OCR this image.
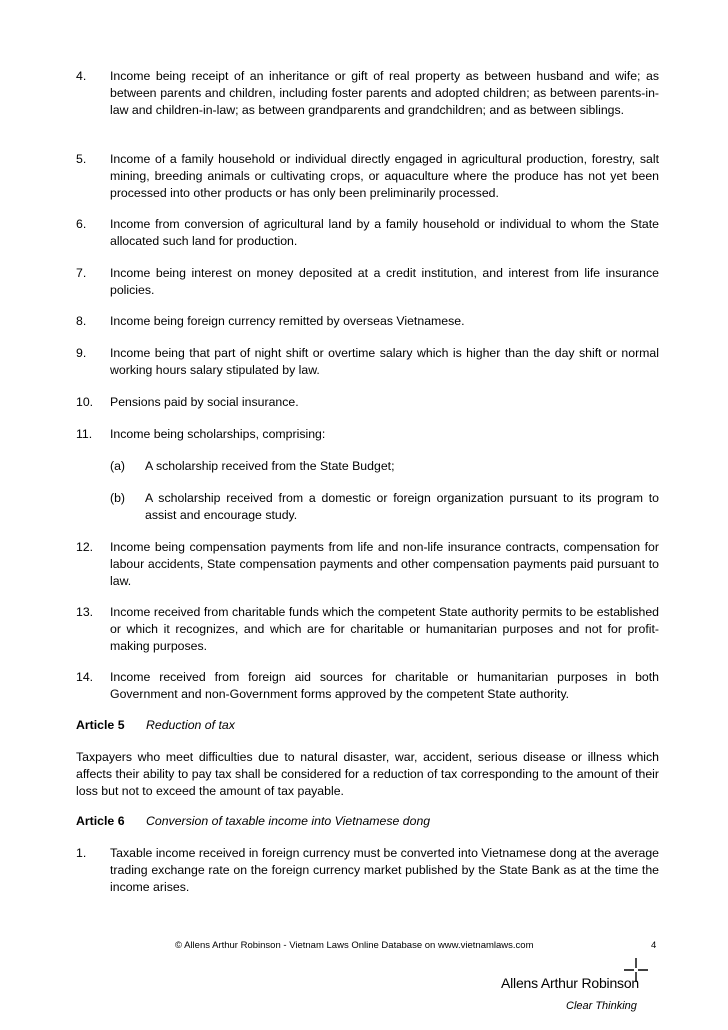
4. Income being receipt of an inheritance or gift of real property as between husband and wife; as between parents and children, including foster parents and adopted children; as between parents-in-law and children-in-law; as between grandparents and grandchildren; and as between siblings.
5. Income of a family household or individual directly engaged in agricultural production, forestry, salt mining, breeding animals or cultivating crops, or aquaculture where the produce has not yet been processed into other products or has only been preliminarily processed.
6. Income from conversion of agricultural land by a family household or individual to whom the State allocated such land for production.
7. Income being interest on money deposited at a credit institution, and interest from life insurance policies.
8. Income being foreign currency remitted by overseas Vietnamese.
9. Income being that part of night shift or overtime salary which is higher than the day shift or normal working hours salary stipulated by law.
10. Pensions paid by social insurance.
11. Income being scholarships, comprising:
(a) A scholarship received from the State Budget;
(b) A scholarship received from a domestic or foreign organization pursuant to its program to assist and encourage study.
12. Income being compensation payments from life and non-life insurance contracts, compensation for labour accidents, State compensation payments and other compensation payments paid pursuant to law.
13. Income received from charitable funds which the competent State authority permits to be established or which it recognizes, and which are for charitable or humanitarian purposes and not for profit-making purposes.
14. Income received from foreign aid sources for charitable or humanitarian purposes in both Government and non-Government forms approved by the competent State authority.
Article 5 Reduction of tax
Taxpayers who meet difficulties due to natural disaster, war, accident, serious disease or illness which affects their ability to pay tax shall be considered for a reduction of tax corresponding to the amount of their loss but not to exceed the amount of tax payable.
Article 6 Conversion of taxable income into Vietnamese dong
1. Taxable income received in foreign currency must be converted into Vietnamese dong at the average trading exchange rate on the foreign currency market published by the State Bank as at the time the income arises.
© Allens Arthur Robinson - Vietnam Laws Online Database on www.vietnamlaws.com	4
Allens Arthur Robinson
Clear Thinking
